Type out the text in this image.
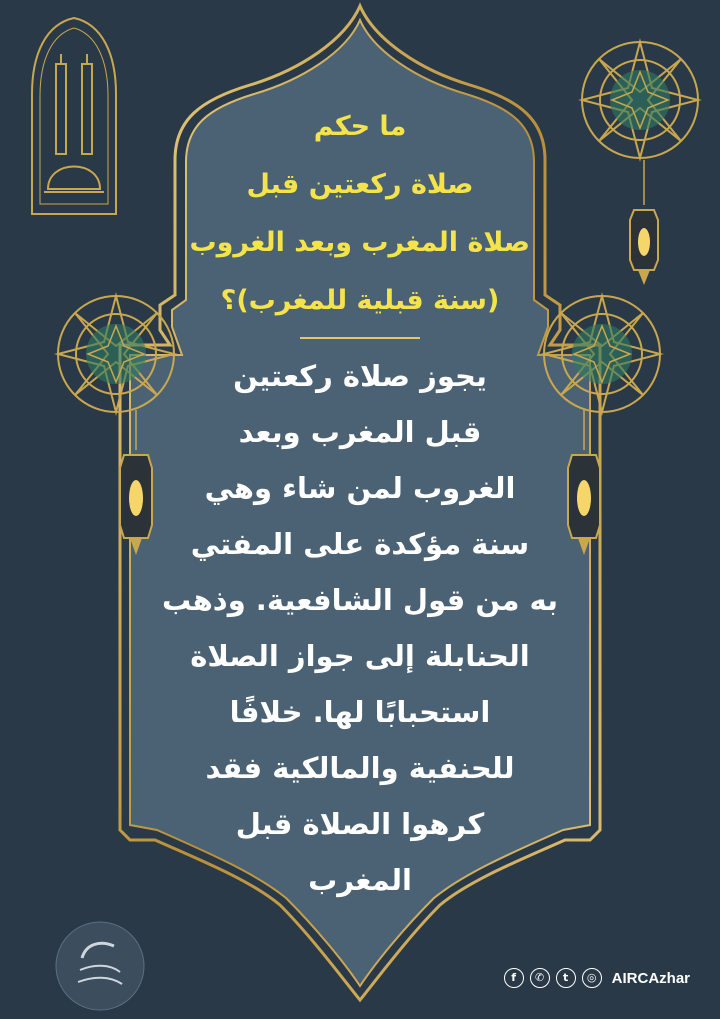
ما حكم
صلاة ركعتين قبل
صلاة المغرب وبعد الغروب
(سنة قبلية للمغرب)؟
يجوز صلاة ركعتين
قبل المغرب وبعد
الغروب لمن شاء وهي
سنة مؤكدة على المفتي
به من قول الشافعية. وذهب
الحنابلة إلى جواز الصلاة
استحبابًا لها. خلافًا
للحنفية والمالكية فقد
كرهوا الصلاة قبل
المغرب
f	✆	t	◎	AIRCAzhar
